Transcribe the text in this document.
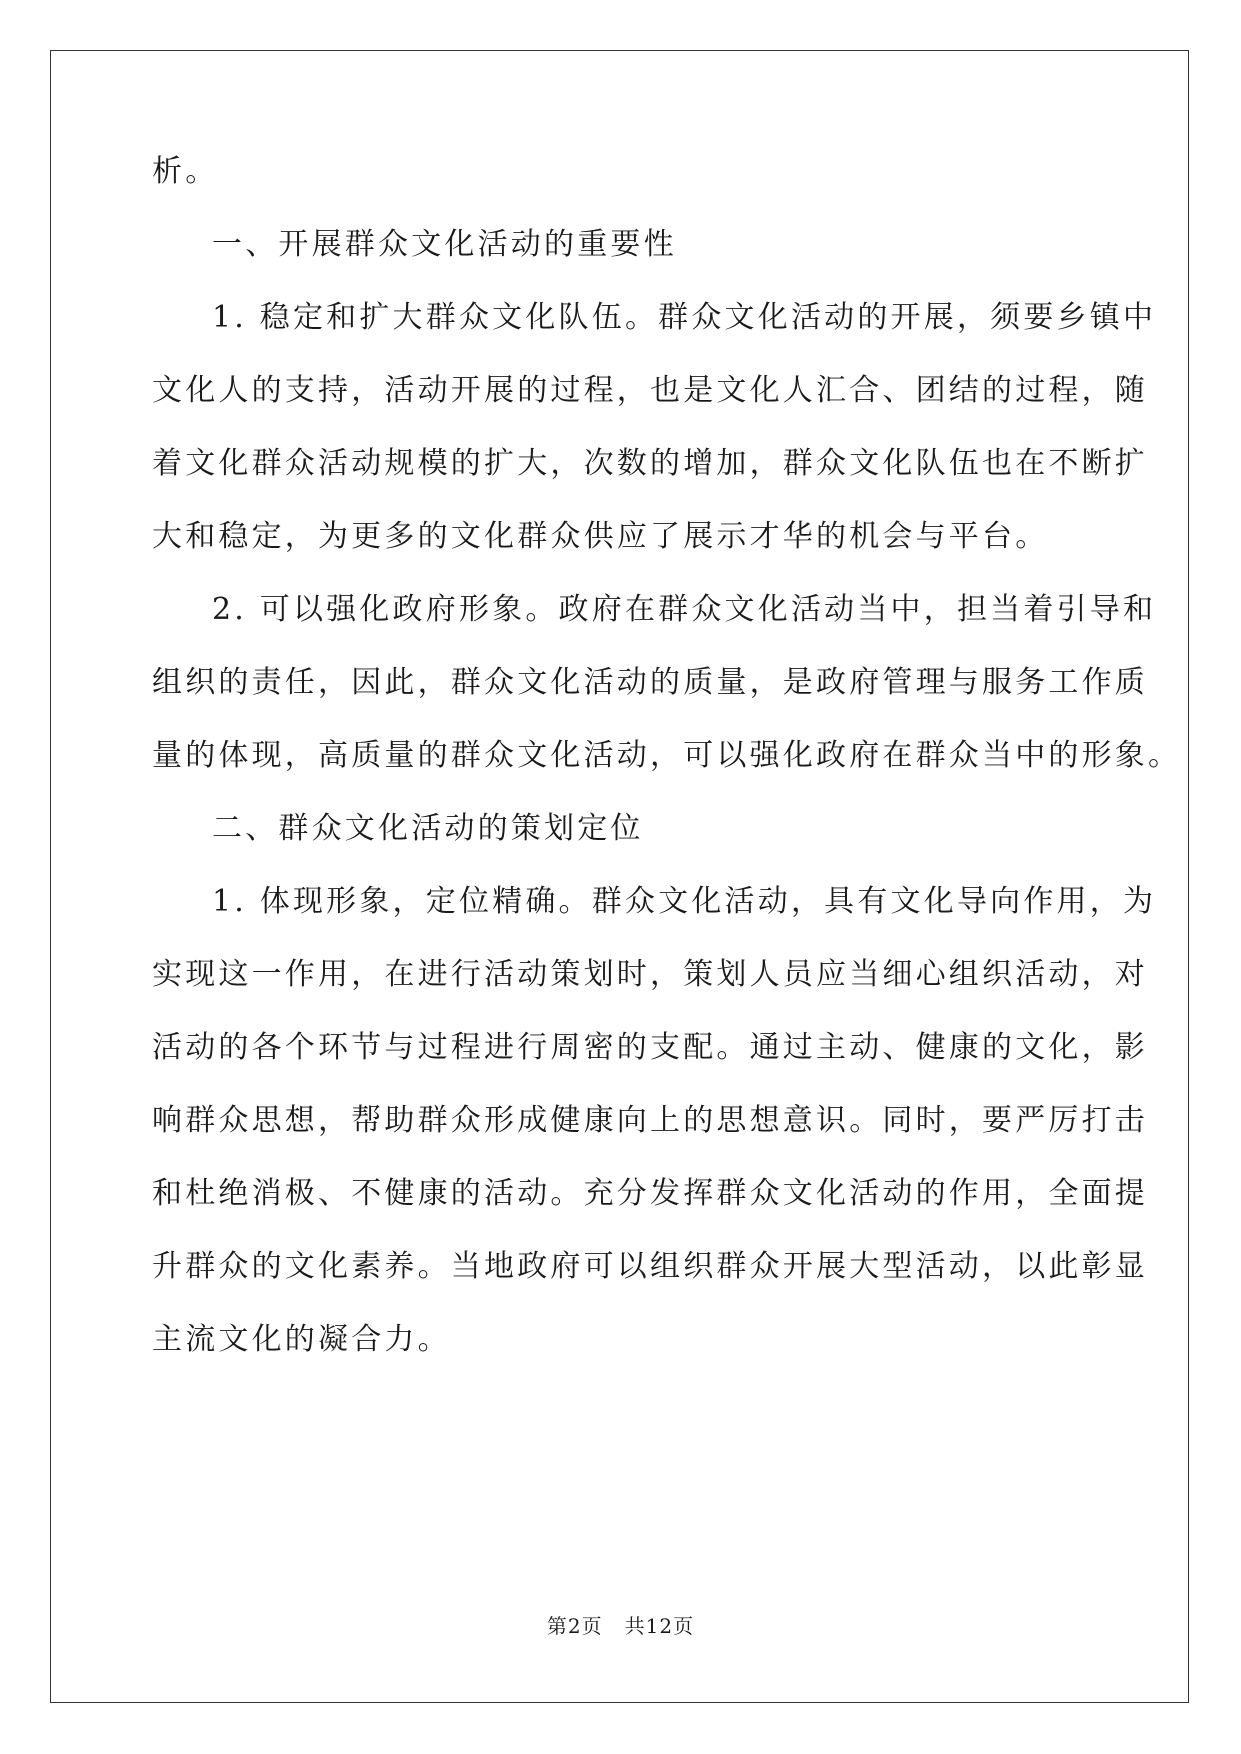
析。
一、开展群众文化活动的重要性
1. 稳定和扩大群众文化队伍。群众文化活动的开展，须要乡镇中
文化人的支持，活动开展的过程，也是文化人汇合、团结的过程，随
着文化群众活动规模的扩大，次数的增加，群众文化队伍也在不断扩
大和稳定，为更多的文化群众供应了展示才华的机会与平台。
2. 可以强化政府形象。政府在群众文化活动当中，担当着引导和
组织的责任，因此，群众文化活动的质量，是政府管理与服务工作质
量的体现，高质量的群众文化活动，可以强化政府在群众当中的形象。
二、群众文化活动的策划定位
1. 体现形象，定位精确。群众文化活动，具有文化导向作用，为
实现这一作用，在进行活动策划时，策划人员应当细心组织活动，对
活动的各个环节与过程进行周密的支配。通过主动、健康的文化，影
响群众思想，帮助群众形成健康向上的思想意识。同时，要严厉打击
和杜绝消极、不健康的活动。充分发挥群众文化活动的作用，全面提
升群众的文化素养。当地政府可以组织群众开展大型活动，以此彰显
主流文化的凝合力。
第2页 共12页
